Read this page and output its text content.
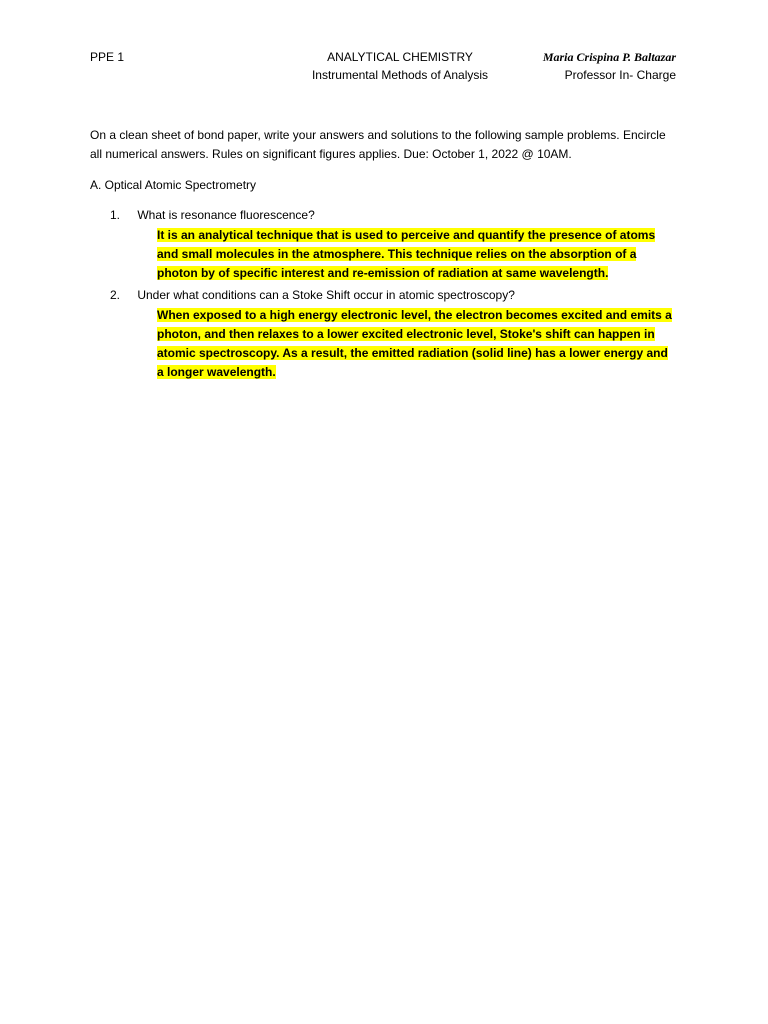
PPE 1	ANALYTICAL CHEMISTRY
Instrumental Methods of Analysis
Maria Crispina P. Baltazar
Professor In- Charge
On a clean sheet of bond paper, write your answers and solutions to the following sample problems. Encircle all numerical answers. Rules on significant figures applies. Due: October 1, 2022 @ 10AM.
A. Optical Atomic Spectrometry
1. What is resonance fluorescence?
It is an analytical technique that is used to perceive and quantify the presence of atoms and small molecules in the atmosphere. This technique relies on the absorption of a photon by of specific interest and re-emission of radiation at same wavelength.
2. Under what conditions can a Stoke Shift occur in atomic spectroscopy?
When exposed to a high energy electronic level, the electron becomes excited and emits a photon, and then relaxes to a lower excited electronic level, Stoke's shift can happen in atomic spectroscopy. As a result, the emitted radiation (solid line) has a lower energy and a longer wavelength.
